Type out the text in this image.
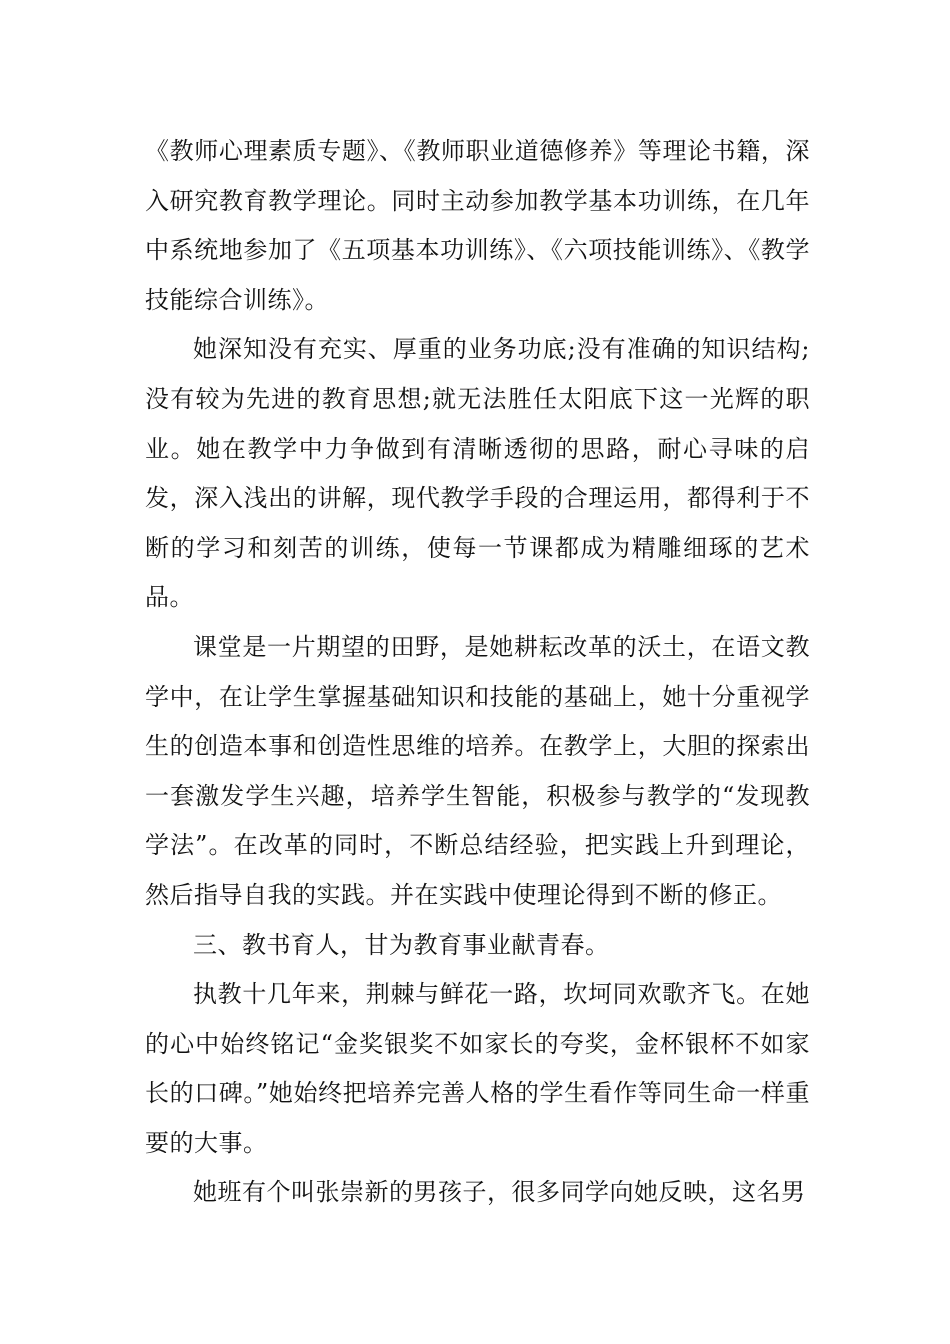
《教师心理素质专题》、《教师职业道德修养》等理论书籍，深入研究教育教学理论。同时主动参加教学基本功训练，在几年中系统地参加了《五项基本功训练》、《六项技能训练》、《教学技能综合训练》。

她深知没有充实、厚重的业务功底;没有准确的知识结构;没有较为先进的教育思想;就无法胜任太阳底下这一光辉的职业。她在教学中力争做到有清晰透彻的思路，耐心寻味的启发，深入浅出的讲解，现代教学手段的合理运用，都得利于不断的学习和刻苦的训练，使每一节课都成为精雕细琢的艺术品。

课堂是一片期望的田野，是她耕耘改革的沃土，在语文教学中，在让学生掌握基础知识和技能的基础上，她十分重视学生的创造本事和创造性思维的培养。在教学上，大胆的探索出一套激发学生兴趣，培养学生智能，积极参与教学的“发现教学法”。在改革的同时，不断总结经验，把实践上升到理论，然后指导自我的实践。并在实践中使理论得到不断的修正。

三、教书育人，甘为教育事业献青春。

执教十几年来，荆棘与鲜花一路，坎坷同欢歌齐飞。在她的心中始终铭记“金奖银奖不如家长的夸奖，金杯银杯不如家长的口碑。”她始终把培养完善人格的学生看作等同生命一样重要的大事。

她班有个叫张崇新的男孩子，很多同学向她反映，这名男
